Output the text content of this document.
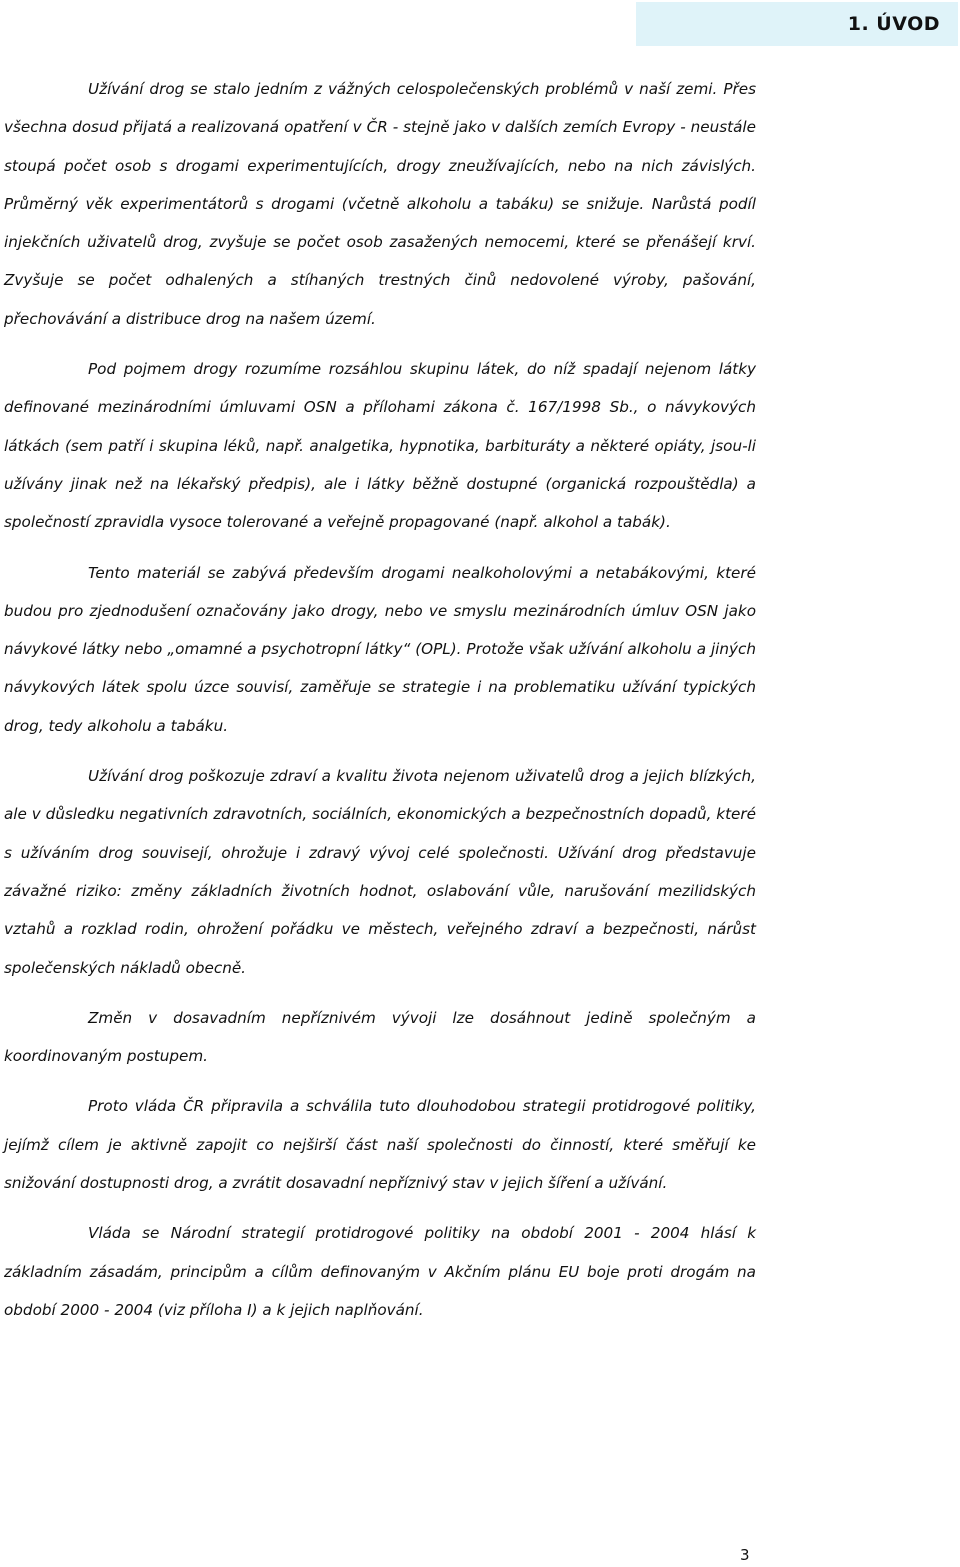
1. ÚVOD

Užívání drog se stalo jedním z vážných celospolečenských problémů v naší zemi. Přes všechna dosud přijatá a realizovaná opatření v ČR - stejně jako v dalších zemích Evropy - neustále stoupá počet osob s drogami experimentujících, drogy zneužívajících, nebo na nich závislých. Průměrný věk experimentátorů s drogami (včetně alkoholu a tabáku) se snižuje. Narůstá podíl injekčních uživatelů drog, zvyšuje se počet osob zasažených nemocemi, které se přenášejí krví. Zvyšuje se počet odhalených a stíhaných trestných činů nedovolené výroby, pašování, přechovávání a distribuce drog na našem území.

Pod pojmem drogy rozumíme rozsáhlou skupinu látek, do níž spadají nejenom látky definované mezinárodními úmluvami OSN a přílohami zákona č. 167/1998 Sb., o návykových látkách (sem patří i skupina léků, např. analgetika, hypnotika, barbituráty a některé opiáty, jsou-li užívány jinak než na lékařský předpis), ale i látky běžně dostupné (organická rozpouštědla) a společností zpravidla vysoce tolerované a veřejně propagované (např. alkohol a tabák).

Tento materiál se zabývá především drogami nealkoholovými a netabákovými, které budou pro zjednodušení označovány jako drogy, nebo ve smyslu mezinárodních úmluv OSN jako návykové látky nebo „omamné a psychotropní látky“ (OPL). Protože však užívání alkoholu a jiných návykových látek spolu úzce souvisí, zaměřuje se strategie i na problematiku užívání typických drog, tedy alkoholu a tabáku.

Užívání drog poškozuje zdraví a kvalitu života nejenom uživatelů drog a jejich blízkých, ale v důsledku negativních zdravotních, sociálních, ekonomických a bezpečnostních dopadů, které s užíváním drog souvisejí, ohrožuje i zdravý vývoj celé společnosti. Užívání drog představuje závažné riziko: změny základních životních hodnot, oslabování vůle, narušování mezilidských vztahů a rozklad rodin, ohrožení pořádku ve městech, veřejného zdraví a bezpečnosti, nárůst společenských nákladů obecně.

Změn v dosavadním nepříznivém vývoji lze dosáhnout jedině společným a koordinovaným postupem.

Proto vláda ČR připravila a schválila tuto dlouhodobou strategii protidrogové politiky, jejímž cílem je aktivně zapojit co nejširší část naší společnosti do činností, které směřují ke snižování dostupnosti drog, a zvrátit dosavadní nepříznivý stav v jejich šíření a užívání.

Vláda se Národní strategií protidrogové politiky na období 2001 - 2004 hlásí k základním zásadám, principům a cílům definovaným v Akčním plánu EU boje proti drogám na období 2000 - 2004 (viz příloha I) a k jejich naplňování.

3
